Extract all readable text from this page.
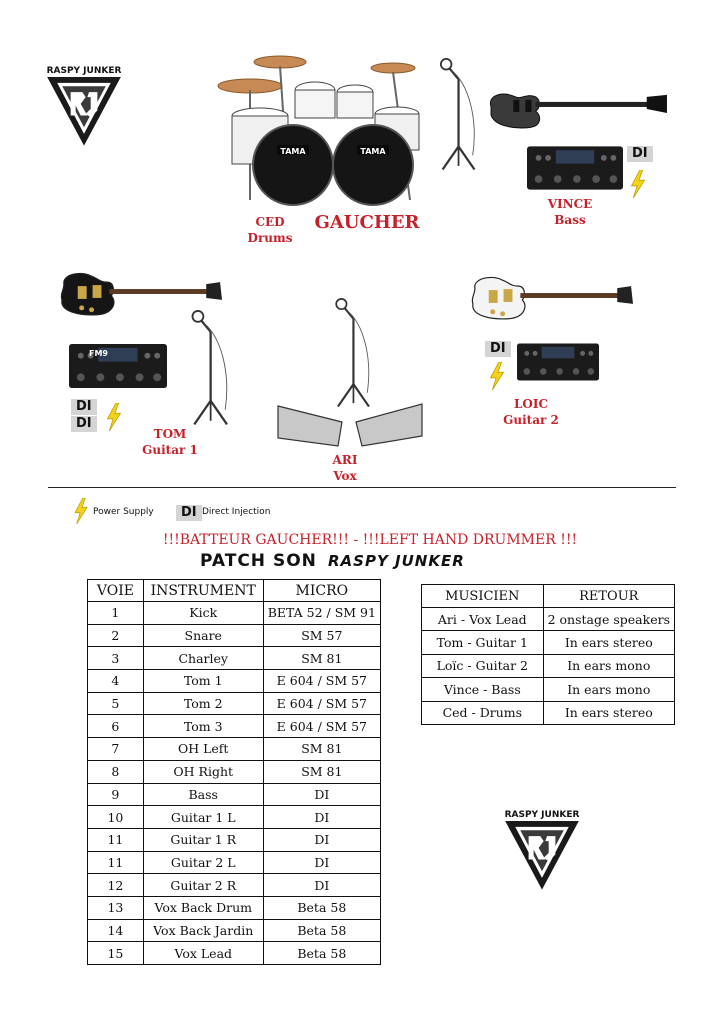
RASPY JUNKER
TAMA	TAMA
CED
Drums
GAUCHER
DI
VINCE
Bass
FM9
DI
DI
TOM
Guitar 1
ARI
Vox
DI
LOIC
Guitar 2
Power Supply	DI Direct Injection
!!!BATTEUR GAUCHER!!! - !!!LEFT HAND DRUMMER !!!
PATCH SON RASPY JUNKER
VOIE	INSTRUMENT	MICRO
1	Kick	BETA 52 / SM 91
2	Snare	SM 57
3	Charley	SM 81
4	Tom 1	E 604 / SM 57
5	Tom 2	E 604 / SM 57
6	Tom 3	E 604 / SM 57
7	OH Left	SM 81
8	OH Right	SM 81
9	Bass	DI
10	Guitar 1 L	DI
11	Guitar 1 R	DI
11	Guitar 2 L	DI
12	Guitar 2 R	DI
13	Vox Back Drum	Beta 58
14	Vox Back Jardin	Beta 58
15	Vox Lead	Beta 58
MUSICIEN	RETOUR
Ari - Vox Lead	2 onstage speakers
Tom - Guitar 1	In ears stereo
Loïc - Guitar 2	In ears mono
Vince - Bass	In ears mono
Ced - Drums	In ears stereo
RASPY JUNKER
